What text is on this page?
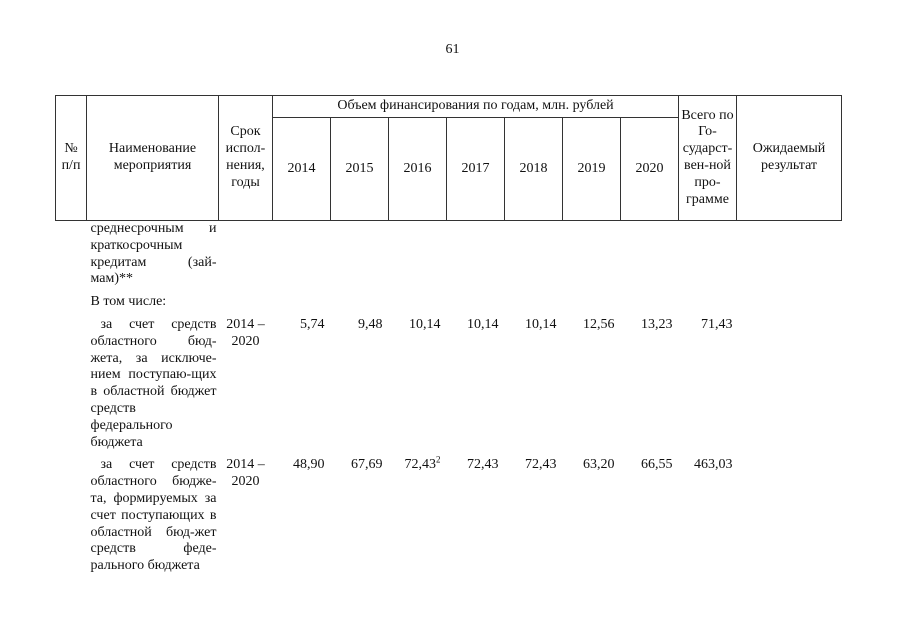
61
№ п/п	Наименование мероприятия	Срок испол-нения, годы	Объем финансирования по годам, млн. рублей							Всего по Го-сударст-вен-ной про-грамме	Ожидаемый результат
			2014	2015	2016	2017	2018	2019	2020		
	среднесрочным и краткосрочным кредитам (зай-мам)**										

	В том числе:										

	за счет средств областного бюд-жета, за исключе-нием поступаю-щих в областной бюджет средств федерального бюджета	2014 – 2020	5,74	9,48	10,14	10,14	10,14	12,56	13,23	71,43	

	за счет средств областного бюдже-та, формируемых за счет поступающих в областной бюд-жет средств феде-рального бюджета	2014 – 2020	48,90	67,69	72,43$^2$	72,43	72,43	63,20	66,55	463,03	
